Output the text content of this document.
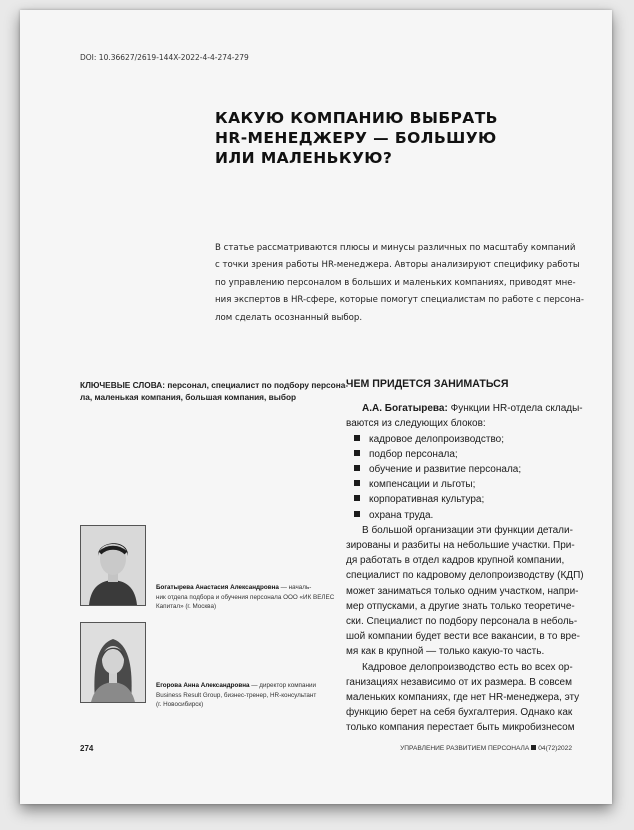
DOI: 10.36627/2619-144X-2022-4-4-274-279
КАКУЮ КОМПАНИЮ ВЫБРАТЬ
HR-МЕНЕДЖЕРУ — БОЛЬШУЮ
ИЛИ МАЛЕНЬКУЮ?
В статье рассматриваются плюсы и минусы различных по масштабу компаний
с точки зрения работы HR-менеджера. Авторы анализируют специфику работы
по управлению персоналом в больших и маленьких компаниях, приводят мне-
ния экспертов в HR-сфере, которые помогут специалистам по работе с персона-
лом сделать осознанный выбор.
КЛЮЧЕВЫЕ СЛОВА: персонал, специалист по подбору персона-
ла, маленькая компания, большая компания, выбор
Богатырева Анастасия Александровна — началь-
ник отдела подбора и обучения персонала ООО «ИК ВЕЛЕС
Капитал» (г. Москва)
Егорова Анна Александровна — директор компании
Business Result Group, бизнес-тренер, HR-консультант
(г. Новосибирск)
ЧЕМ ПРИДЕТСЯ ЗАНИМАТЬСЯ
А.А. Богатырева: Функции HR-отдела склады-
ваются из следующих блоков:
кадровое делопроизводство;
подбор персонала;
обучение и развитие персонала;
компенсации и льготы;
корпоративная культура;
охрана труда.
В большой организации эти функции детали-
зированы и разбиты на небольшие участки. При-
дя работать в отдел кадров крупной компании,
специалист по кадровому делопроизводству (КДП)
может заниматься только одним участком, напри-
мер отпусками, а другие знать только теоретиче-
ски. Специалист по подбору персонала в неболь-
шой компании будет вести все вакансии, в то вре-
мя как в крупной — только какую-то часть.
Кадровое делопроизводство есть во всех ор-
ганизациях независимо от их размера. В совсем
маленьких компаниях, где нет HR-менеджера, эту
функцию берет на себя бухгалтерия. Однако как
только компания перестает быть микробизнесом
274	УПРАВЛЕНИЕ РАЗВИТИЕМ ПЕРСОНАЛА 04(72)2022
